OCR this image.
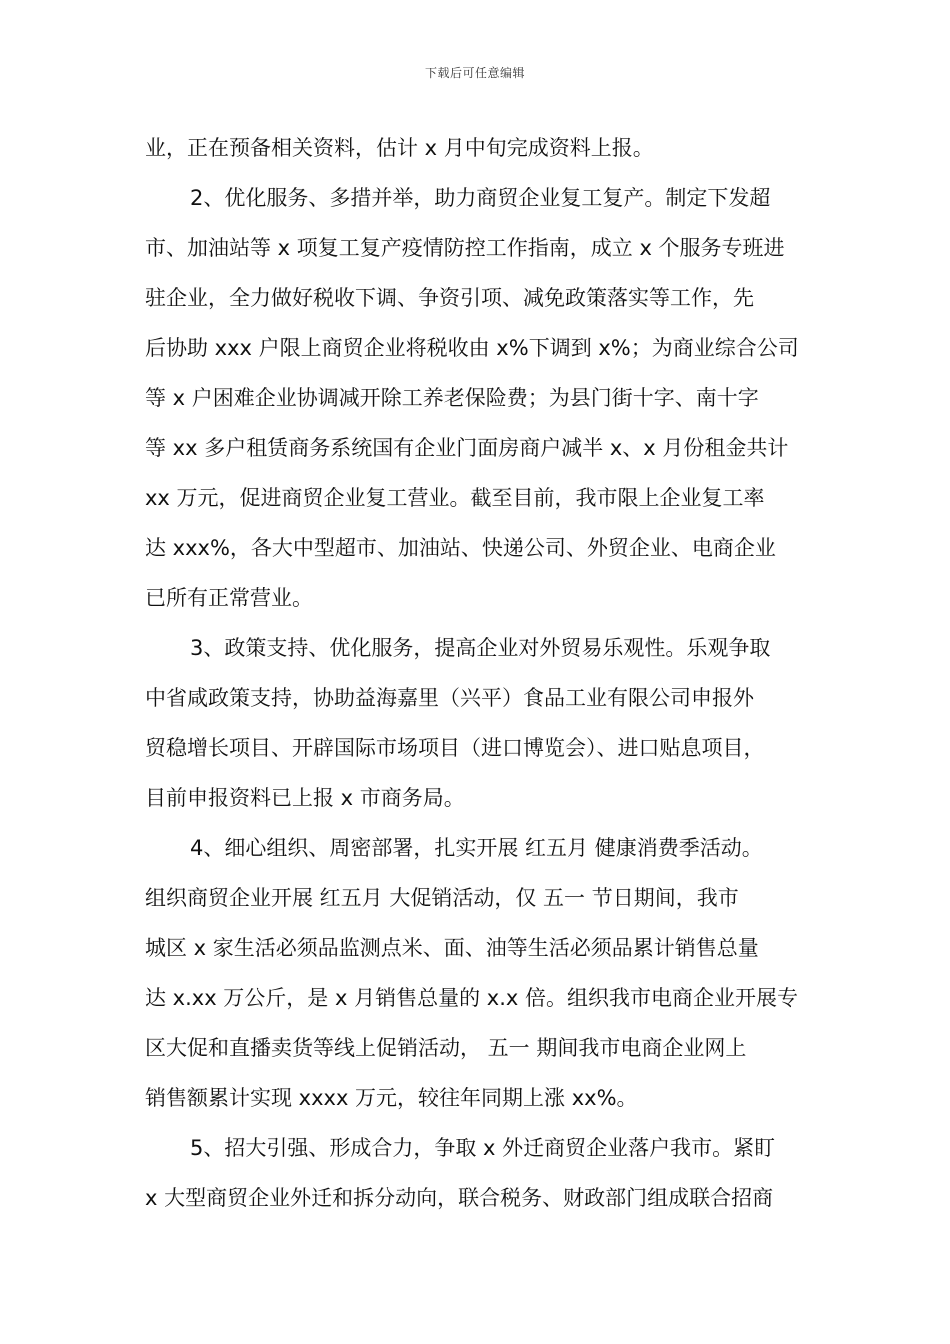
下载后可任意编辑
业，正在预备相关资料，估计 x 月中旬完成资料上报。
2、优化服务、多措并举，助力商贸企业复工复产。制定下发超
市、加油站等 x 项复工复产疫情防控工作指南，成立 x 个服务专班进
驻企业，全力做好税收下调、争资引项、减免政策落实等工作，先
后协助 xxx 户限上商贸企业将税收由 x%下调到 x%；为商业综合公司
等 x 户困难企业协调减开除工养老保险费；为县门街十字、南十字
等 xx 多户租赁商务系统国有企业门面房商户减半 x、x 月份租金共计
xx 万元，促进商贸企业复工营业。截至目前，我市限上企业复工率
达 xxx%，各大中型超市、加油站、快递公司、外贸企业、电商企业
已所有正常营业。
3、政策支持、优化服务，提高企业对外贸易乐观性。乐观争取
中省咸政策支持，协助益海嘉里（兴平）食品工业有限公司申报外
贸稳增长项目、开辟国际市场项目（进口博览会）、进口贴息项目，
目前申报资料已上报 x 市商务局。
4、细心组织、周密部署，扎实开展 红五月 健康消费季活动。
组织商贸企业开展 红五月 大促销活动，仅 五一 节日期间，我市
城区 x 家生活必须品监测点米、面、油等生活必须品累计销售总量
达 x.xx 万公斤，是 x 月销售总量的 x.x 倍。组织我市电商企业开展专
区大促和直播卖货等线上促销活动， 五一 期间我市电商企业网上
销售额累计实现 xxxx 万元，较往年同期上涨 xx%。
5、招大引强、形成合力，争取 x 外迁商贸企业落户我市。紧盯
x 大型商贸企业外迁和拆分动向，联合税务、财政部门组成联合招商
